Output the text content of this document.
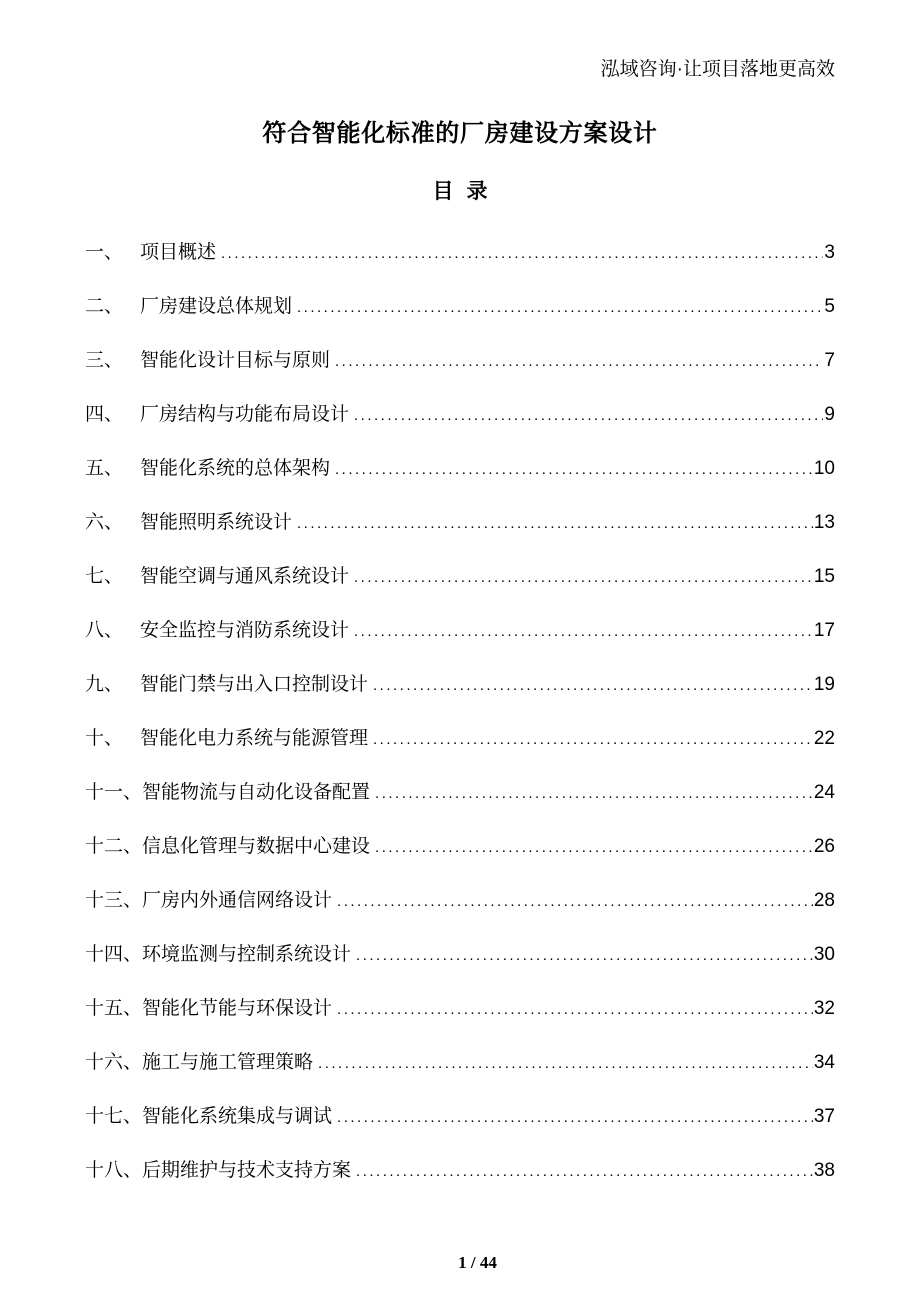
泓域咨询·让项目落地更高效
符合智能化标准的厂房建设方案设计
目录
一、 项目概述 .....	3
二、 厂房建设总体规划 .....	5
三、 智能化设计目标与原则 .....	7
四、 厂房结构与功能布局设计 .....	9
五、 智能化系统的总体架构 .....	10
六、 智能照明系统设计 .....	13
七、 智能空调与通风系统设计 .....	15
八、 安全监控与消防系统设计 .....	17
九、 智能门禁与出入口控制设计 .....	19
十、 智能化电力系统与能源管理 .....	22
十一、 智能物流与自动化设备配置 .....	24
十二、 信息化管理与数据中心建设 .....	26
十三、 厂房内外通信网络设计 .....	28
十四、 环境监测与控制系统设计 .....	30
十五、 智能化节能与环保设计 .....	32
十六、 施工与施工管理策略 .....	34
十七、 智能化系统集成与调试 .....	37
十八、 后期维护与技术支持方案 .....	38
1 / 44
